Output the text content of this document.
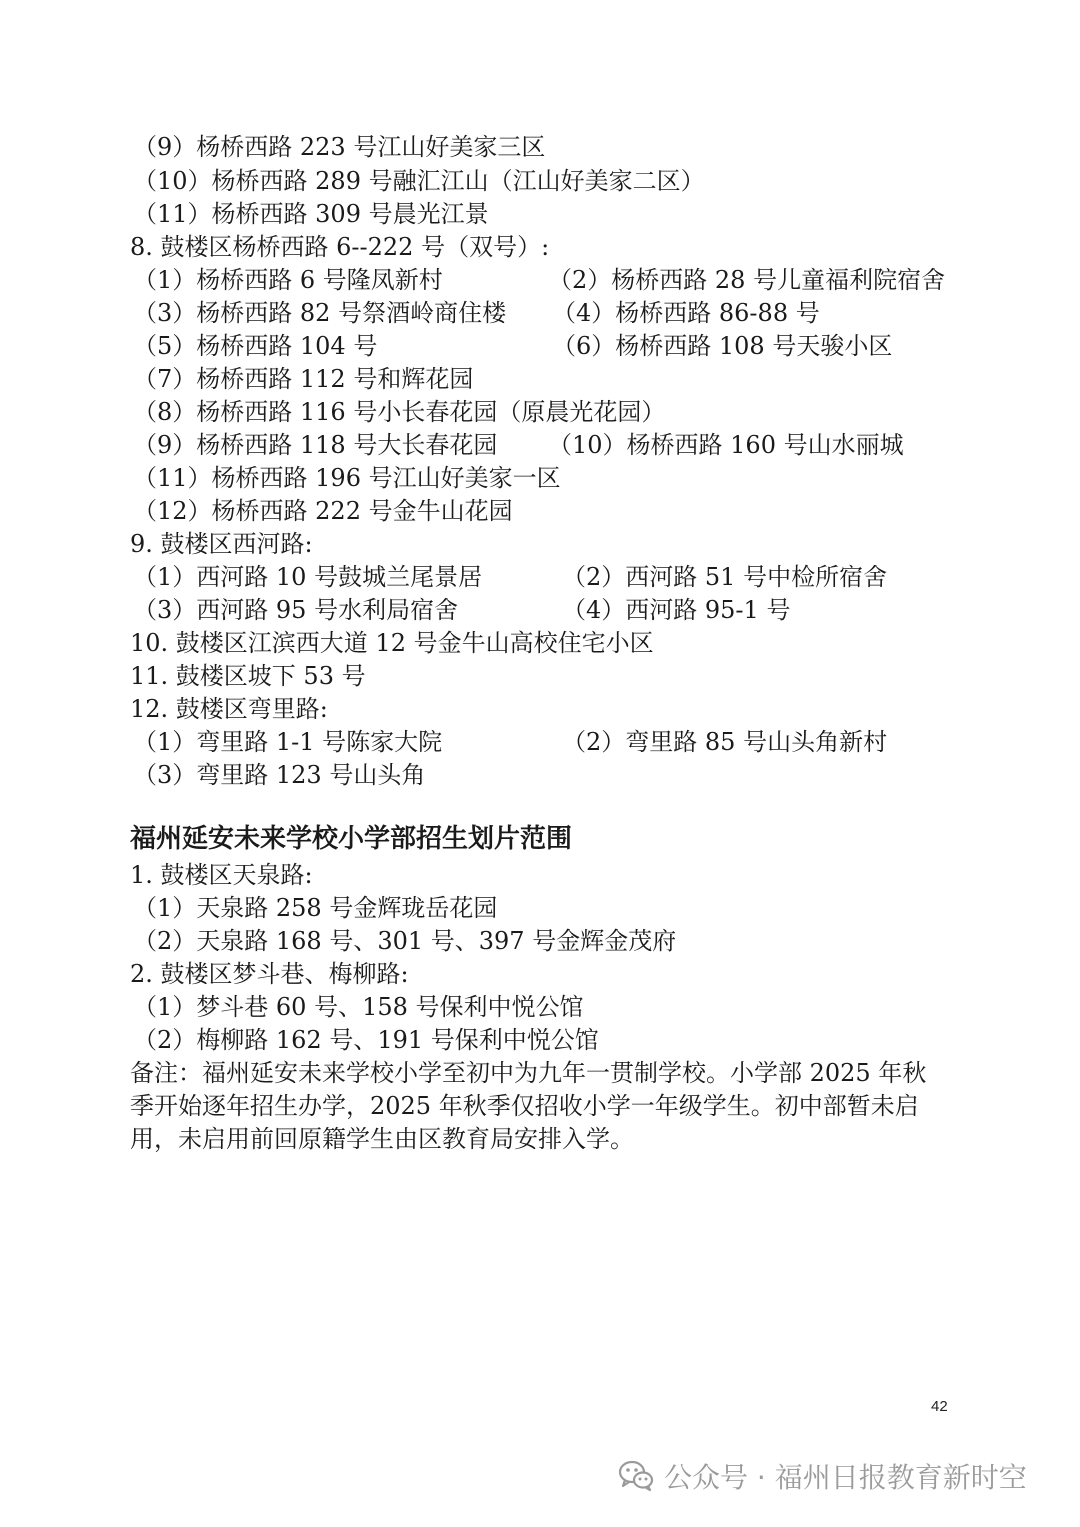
（9）杨桥西路 223 号江山好美家三区
（10）杨桥西路 289 号融汇江山（江山好美家二区）
（11）杨桥西路 309 号晨光江景
8. 鼓楼区杨桥西路 6--222 号（双号）:
（1）杨桥西路 6 号隆凤新村	（2）杨桥西路 28 号儿童福利院宿舍
（3）杨桥西路 82 号祭酒岭商住楼 （4）杨桥西路 86-88 号
（5）杨桥西路 104 号	（6）杨桥西路 108 号天骏小区
（7）杨桥西路 112 号和辉花园
（8）杨桥西路 116 号小长春花园（原晨光花园）
（9）杨桥西路 118 号大长春花园 （10）杨桥西路 160 号山水丽城
（11）杨桥西路 196 号江山好美家一区
（12）杨桥西路 222 号金牛山花园
9. 鼓楼区西河路:
（1）西河路 10 号鼓城兰尾景居	（2）西河路 51 号中检所宿舍
（3）西河路 95 号水利局宿舍	（4）西河路 95-1 号
10. 鼓楼区江滨西大道 12 号金牛山高校住宅小区
11. 鼓楼区坡下 53 号
12. 鼓楼区弯里路:
（1）弯里路 1-1 号陈家大院	（2）弯里路 85 号山头角新村
（3）弯里路 123 号山头角
福州延安未来学校小学部招生划片范围
1. 鼓楼区天泉路:
（1）天泉路 258 号金辉珑岳花园
（2）天泉路 168 号、301 号、397 号金辉金茂府
2. 鼓楼区梦斗巷、梅柳路:
（1）梦斗巷 60 号、158 号保利中悦公馆
（2）梅柳路 162 号、191 号保利中悦公馆
备注：福州延安未来学校小学至初中为九年一贯制学校。小学部 2025 年秋季开始逐年招生办学，2025 年秋季仅招收小学一年级学生。初中部暂未启用，未启用前回原籍学生由区教育局安排入学。
42
公众号 · 福州日报教育新时空
